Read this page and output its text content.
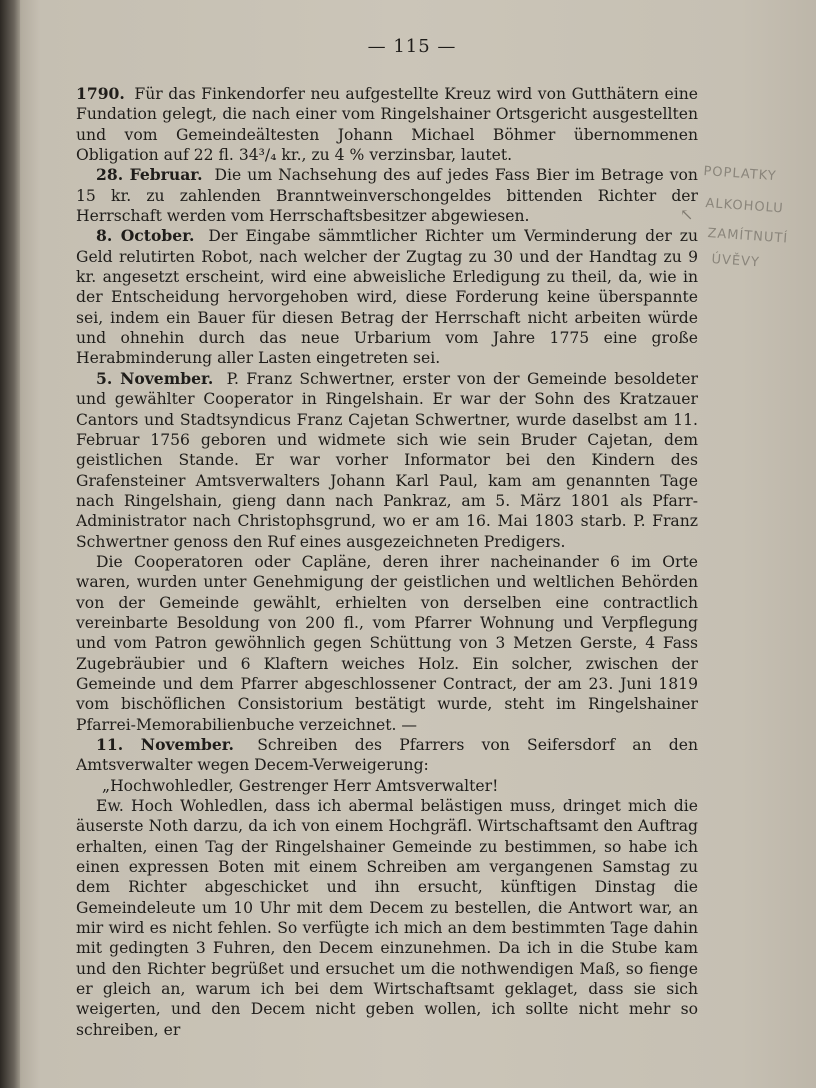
— 115 —
POPLATKY
ALKOHOLU
ZAMÍTNUTÍ
ÚVĚVY
↖

1790. Für das Finkendorfer neu aufgestellte Kreuz wird von Gutthätern eine Fundation gelegt, die nach einer vom Ringelshainer Ortsgericht ausgestellten und vom Gemeindeältesten Johann Michael Böhmer übernommenen Obligation auf 22 fl. 34³/₄ kr., zu 4 % verzinsbar, lautet.

28. Februar. Die um Nachsehung des auf jedes Fass Bier im Betrage von 15 kr. zu zahlenden Branntweinverschongeldes bittenden Richter der Herrschaft werden vom Herrschaftsbesitzer abgewiesen.

8. October. Der Eingabe sämmtlicher Richter um Verminderung der zu Geld relutirten Robot, nach welcher der Zugtag zu 30 und der Handtag zu 9 kr. angesetzt erscheint, wird eine abweisliche Erledigung zu theil, da, wie in der Entscheidung hervorgehoben wird, diese Forderung keine überspannte sei, indem ein Bauer für diesen Betrag der Herrschaft nicht arbeiten würde und ohnehin durch das neue Urbarium vom Jahre 1775 eine große Herabminderung aller Lasten eingetreten sei.

5. November. P. Franz Schwertner, erster von der Gemeinde besoldeter und gewählter Cooperator in Ringelshain. Er war der Sohn des Kratzauer Cantors und Stadtsyndicus Franz Cajetan Schwertner, wurde daselbst am 11. Februar 1756 geboren und widmete sich wie sein Bruder Cajetan, dem geistlichen Stande. Er war vorher Informator bei den Kindern des Grafensteiner Amtsverwalters Johann Karl Paul, kam am genannten Tage nach Ringelshain, gieng dann nach Pankraz, am 5. März 1801 als Pfarr-Administrator nach Christophsgrund, wo er am 16. Mai 1803 starb. P. Franz Schwertner genoss den Ruf eines ausgezeichneten Predigers.

Die Cooperatoren oder Capläne, deren ihrer nacheinander 6 im Orte waren, wurden unter Genehmigung der geistlichen und weltlichen Behörden von der Gemeinde gewählt, erhielten von derselben eine contractlich vereinbarte Besoldung von 200 fl., vom Pfarrer Wohnung und Verpflegung und vom Patron gewöhnlich gegen Schüttung von 3 Metzen Gerste, 4 Fass Zugebräubier und 6 Klaftern weiches Holz. Ein solcher, zwischen der Gemeinde und dem Pfarrer abgeschlossener Contract, der am 23. Juni 1819 vom bischöflichen Consistorium bestätigt wurde, steht im Ringelshainer Pfarrei-Memorabilienbuche verzeichnet. —

11. November. Schreiben des Pfarrers von Seifersdorf an den Amtsverwalter wegen Decem-Verweigerung:

„Hochwohledler, Gestrenger Herr Amtsverwalter!

Ew. Hoch Wohledlen, dass ich abermal belästigen muss, dringet mich die äuserste Noth darzu, da ich von einem Hochgräfl. Wirtschaftsamt den Auftrag erhalten, einen Tag der Ringelshainer Gemeinde zu bestimmen, so habe ich einen expressen Boten mit einem Schreiben am vergangenen Samstag zu dem Richter abgeschicket und ihn ersucht, künftigen Dinstag die Gemeindeleute um 10 Uhr mit dem Decem zu bestellen, die Antwort war, an mir wird es nicht fehlen. So verfügte ich mich an dem bestimmten Tage dahin mit gedingten 3 Fuhren, den Decem einzunehmen. Da ich in die Stube kam und den Richter begrüßet und ersuchet um die nothwendigen Maß, so fienge er gleich an, warum ich bei dem Wirtschaftsamt geklaget, dass sie sich weigerten, und den Decem nicht geben wollen, ich sollte nicht mehr so schreiben, er
